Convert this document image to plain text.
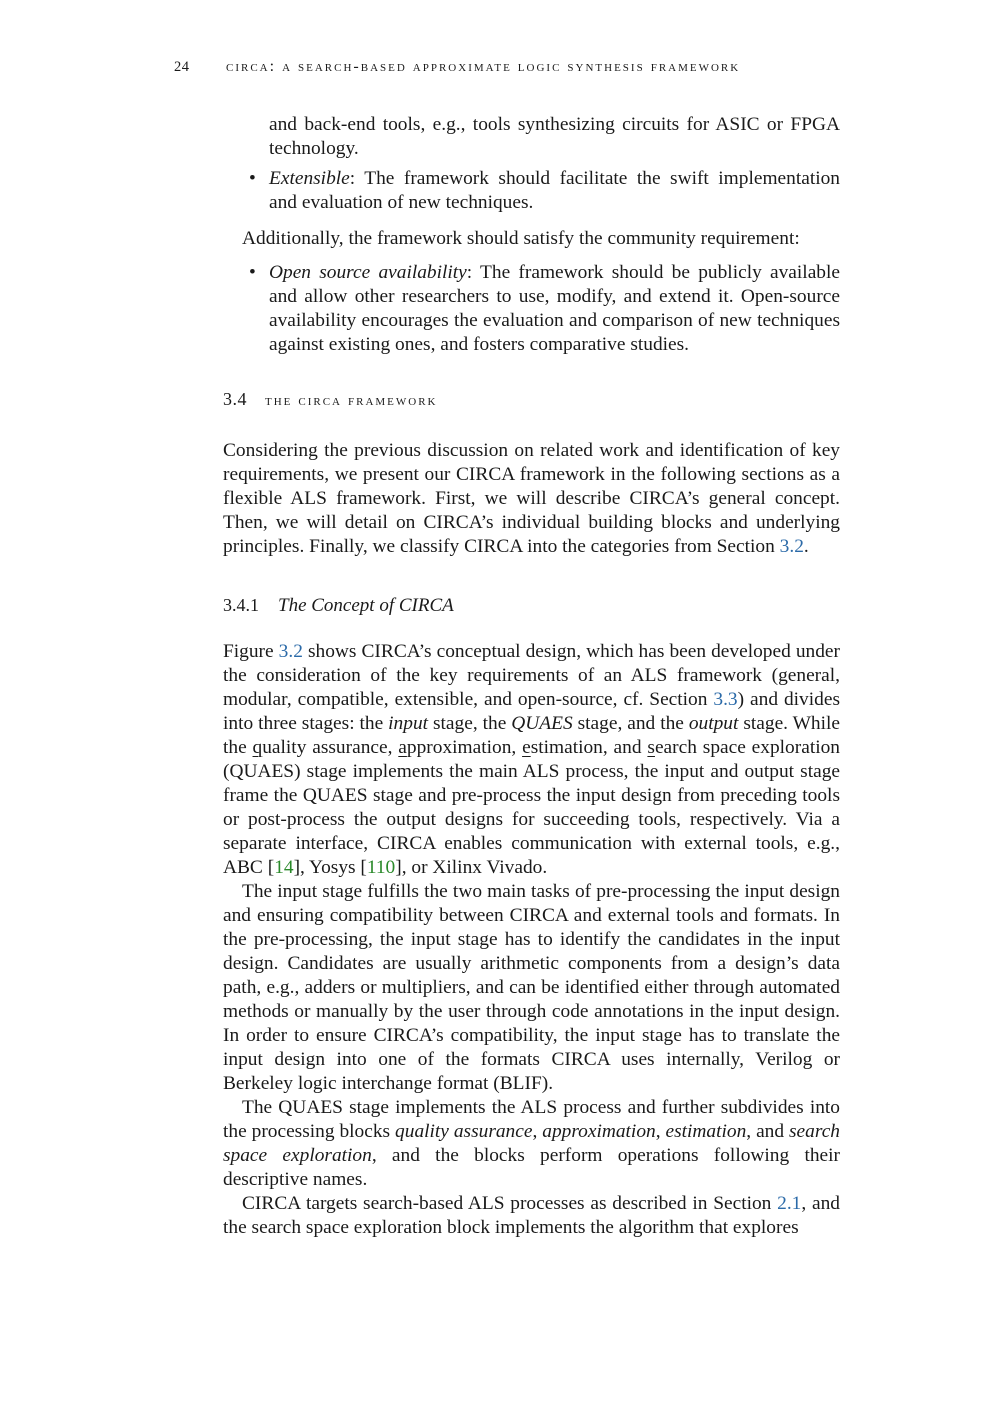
24 circa: a search-based approximate logic synthesis framework

and back-end tools, e.g., tools synthesizing circuits for ASIC or FPGA technology.

• Extensible: The framework should facilitate the swift implementation and evaluation of new techniques.

Additionally, the framework should satisfy the community requirement:

• Open source availability: The framework should be publicly available and allow other researchers to use, modify, and extend it. Open-source availability encourages the evaluation and comparison of new techniques against existing ones, and fosters comparative studies.
3.4 the circa framework

Considering the previous discussion on related work and identification of key requirements, we present our CIRCA framework in the following sections as a flexible ALS framework. First, we will describe CIRCA’s general concept. Then, we will detail on CIRCA’s individual building blocks and underlying principles. Finally, we classify CIRCA into the categories from Section 3.2.

3.4.1 The Concept of CIRCA

Figure 3.2 shows CIRCA’s conceptual design, which has been developed under the consideration of the key requirements of an ALS framework (general, modular, compatible, extensible, and open-source, cf. Section 3.3) and divides into three stages: the input stage, the QUAES stage, and the output stage. While the quality assurance, approximation, estimation, and search space exploration (QUAES) stage implements the main ALS process, the input and output stage frame the QUAES stage and pre-process the input design from preceding tools or post-process the output designs for succeeding tools, respectively. Via a separate interface, CIRCA enables communication with external tools, e.g., ABC [14], Yosys [110], or Xilinx Vivado.

The input stage fulfills the two main tasks of pre-processing the input design and ensuring compatibility between CIRCA and external tools and formats. In the pre-processing, the input stage has to identify the candidates in the input design. Candidates are usually arithmetic components from a design’s data path, e.g., adders or multipliers, and can be identified either through automated methods or manually by the user through code annotations in the input design. In order to ensure CIRCA’s compatibility, the input stage has to translate the input design into one of the formats CIRCA uses internally, Verilog or Berkeley logic interchange format (BLIF).

The QUAES stage implements the ALS process and further subdivides into the processing blocks quality assurance, approximation, estimation, and search space exploration, and the blocks perform operations following their descriptive names.

CIRCA targets search-based ALS processes as described in Section 2.1, and the search space exploration block implements the algorithm that explores
